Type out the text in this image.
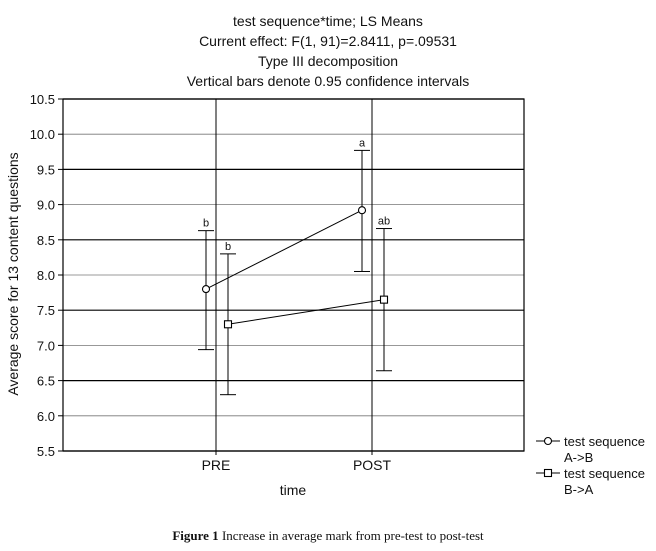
test sequence*time; LS Means
Current effect: F(1, 91)=2.8411, p=.09531
Type III decomposition
Vertical bars denote 0.95 confidence intervals
5.5
6.0
6.5
7.0
7.5
8.0
8.5
9.0
9.5
10.0
10.5
PRE	POST
Average score for 13 content questions
time
b
a
b
ab
test sequence
A->B
test sequence
B->A
Figure 1 Increase in average mark from pre-test to post-test
